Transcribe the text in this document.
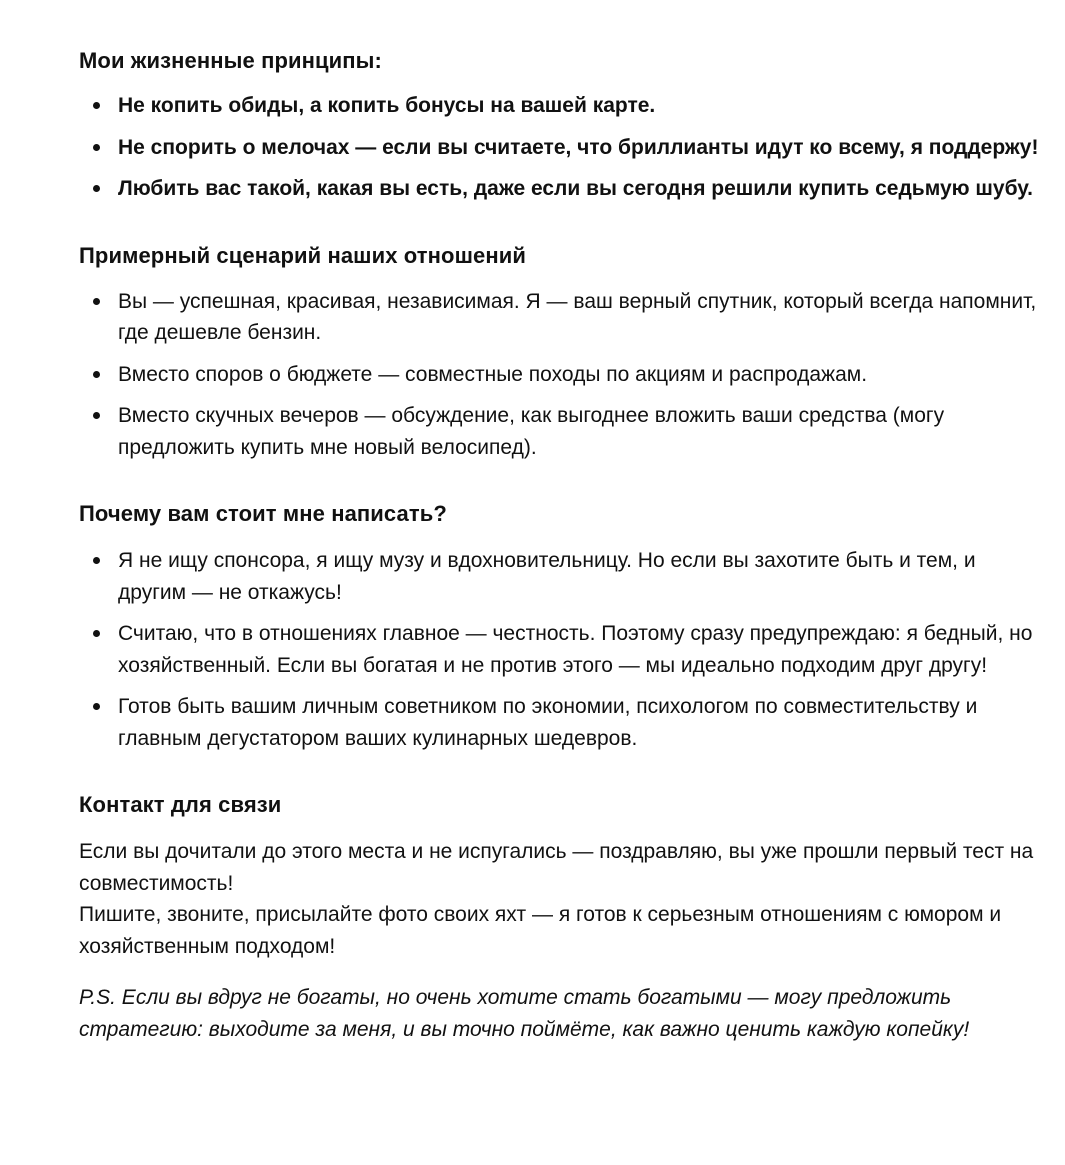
Мои жизненные принципы:
Не копить обиды, а копить бонусы на вашей карте.
Не спорить о мелочах — если вы считаете, что бриллианты идут ко всему, я поддержу!
Любить вас такой, какая вы есть, даже если вы сегодня решили купить седьмую шубу.
Примерный сценарий наших отношений
Вы — успешная, красивая, независимая. Я — ваш верный спутник, который всегда напомнит, где дешевле бензин.
Вместо споров о бюджете — совместные походы по акциям и распродажам.
Вместо скучных вечеров — обсуждение, как выгоднее вложить ваши средства (могу предложить купить мне новый велосипед).
Почему вам стоит мне написать?
Я не ищу спонсора, я ищу музу и вдохновительницу. Но если вы захотите быть и тем, и другим — не откажусь!
Считаю, что в отношениях главное — честность. Поэтому сразу предупреждаю: я бедный, но хозяйственный. Если вы богатая и не против этого — мы идеально подходим друг другу!
Готов быть вашим личным советником по экономии, психологом по совместительству и главным дегустатором ваших кулинарных шедевров.
Контакт для связи

Если вы дочитали до этого места и не испугались — поздравляю, вы уже прошли первый тест на совместимость!

Пишите, звоните, присылайте фото своих яхт — я готов к серьезным отношениям с юмором и хозяйственным подходом!

P.S. Если вы вдруг не богаты, но очень хотите стать богатыми — могу предложить стратегию: выходите за меня, и вы точно поймёте, как важно ценить каждую копейку!
